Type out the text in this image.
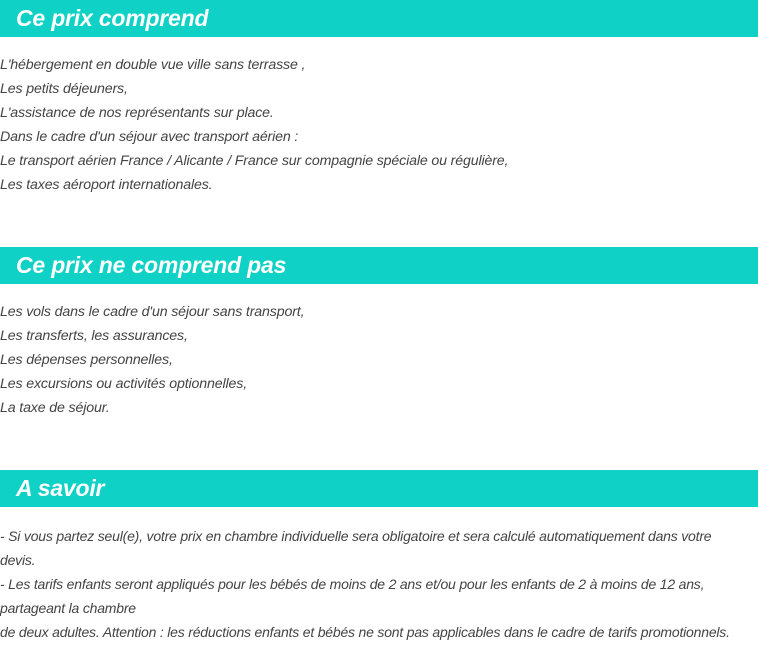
Ce prix comprend
L'hébergement en double vue ville sans terrasse ,
Les petits déjeuners,
L'assistance de nos représentants sur place.
Dans le cadre d'un séjour avec transport aérien :
Le transport aérien France / Alicante / France sur compagnie spéciale ou régulière,
Les taxes aéroport internationales.
Ce prix ne comprend pas
Les vols dans le cadre d'un séjour sans transport,
Les transferts, les assurances,
Les dépenses personnelles,
Les excursions ou activités optionnelles,
La taxe de séjour.
A savoir
- Si vous partez seul(e), votre prix en chambre individuelle sera obligatoire et sera calculé automatiquement dans votre
devis.
- Les tarifs enfants seront appliqués pour les bébés de moins de 2 ans et/ou pour les enfants de 2 à moins de 12 ans,
partageant la chambre
de deux adultes. Attention : les réductions enfants et bébés ne sont pas applicables dans le cadre de tarifs promotionnels.
